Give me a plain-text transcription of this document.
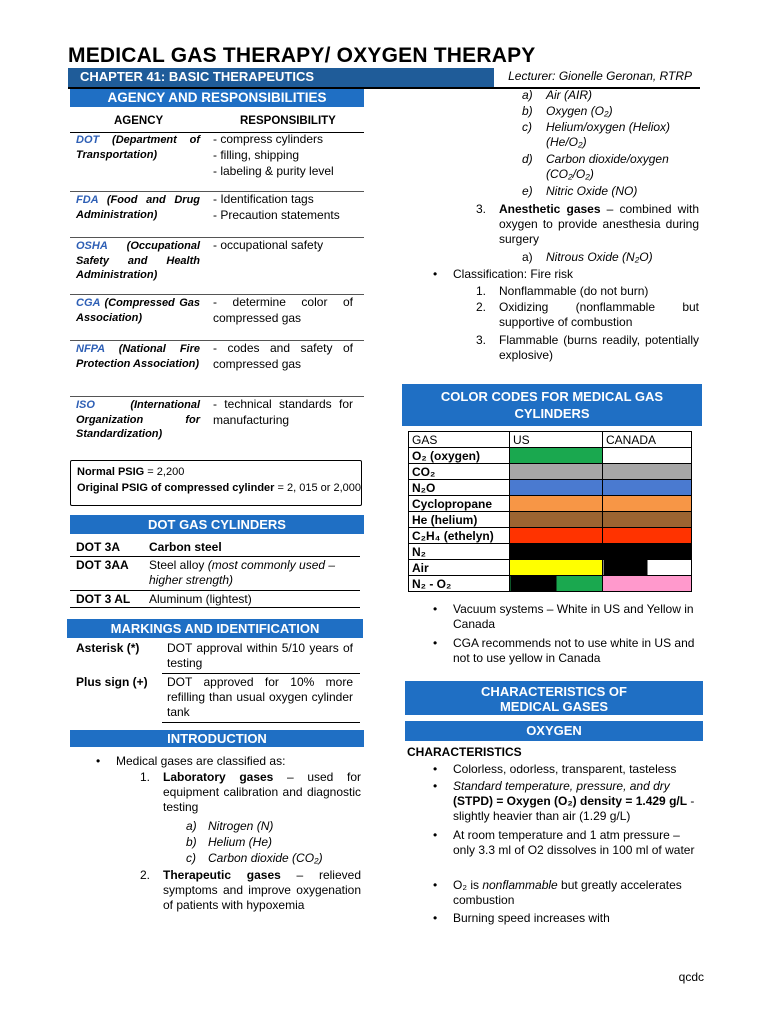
MEDICAL GAS THERAPY/ OXYGEN THERAPY
CHAPTER 41: BASIC THERAPEUTICS	Lecturer: Gionelle Geronan, RTRP
AGENCY AND RESPONSIBILITIES
AGENCY	RESPONSIBILITY
DOT (Department of Transportation)
- compress cylinders
- filling, shipping
- labeling & purity level
FDA (Food and Drug Administration)
- Identification tags
- Precaution statements
OSHA (Occupational Safety and Health Administration)
- occupational safety
CGA (Compressed Gas Association)
- determine color of compressed gas
NFPA (National Fire Protection Association)
- codes and safety of compressed gas
ISO	(International Organization for Standardization)
- technical standards for manufacturing
Normal PSIG = 2,200
Original PSIG of compressed cylinder = 2, 015 or 2,000
DOT GAS CYLINDERS
DOT 3A Carbon steel
DOT 3AA Steel alloy (most commonly used – higher strength)
DOT 3 AL Aluminum (lightest)
MARKINGS AND IDENTIFICATION
Asterisk (*) DOT approval within 5/10 years of testing
Plus sign (+) DOT approved for 10% more refilling than usual oxygen cylinder tank
INTRODUCTION
Medical gases are classified as:
1.	Laboratory gases – used for equipment calibration and diagnostic testing
a) Nitrogen (N)
b) Helium (He)
c) Carbon dioxide (CO₂)
2.	Therapeutic gases – relieved symptoms and improve oxygenation of patients with hypoxemia
a) Air (AIR)
b) Oxygen (O₂)
c) Helium/oxygen (Heliox) (He/O₂)
d) Carbon dioxide/oxygen (CO₂/O₂)
e) Nitric Oxide (NO)
3. Anesthetic gases – combined with oxygen to provide anesthesia during surgery
a) Nitrous Oxide (N₂O)
Classification: Fire risk
1. Nonflammable (do not burn)
2. Oxidizing (nonflammable but supportive of combustion
3. Flammable (burns readily, potentially explosive)
COLOR CODES FOR MEDICAL GAS CYLINDERS
GAS	US	CANADA
O₂ (oxygen)		
CO₂		
N₂O		
Cyclopropane		
He (helium)		
C₂H₄ (ethelyn)		
N₂		
Air		
N₂ - O₂		
Vacuum systems – White in US and Yellow in Canada
CGA recommends not to use white in US and not to use yellow in Canada
CHARACTERISTICS OF MEDICAL GASES
OXYGEN
CHARACTERISTICS
Colorless, odorless, transparent, tasteless
Standard temperature, pressure, and dry (STPD) = Oxygen (O₂) density = 1.429 g/L - slightly heavier than air (1.29 g/L)
At room temperature and 1 atm pressure – only 3.3 ml of O2 dissolves in 100 ml of water
O₂ is nonflammable but greatly accelerates combustion
Burning speed increases with
qcdc
